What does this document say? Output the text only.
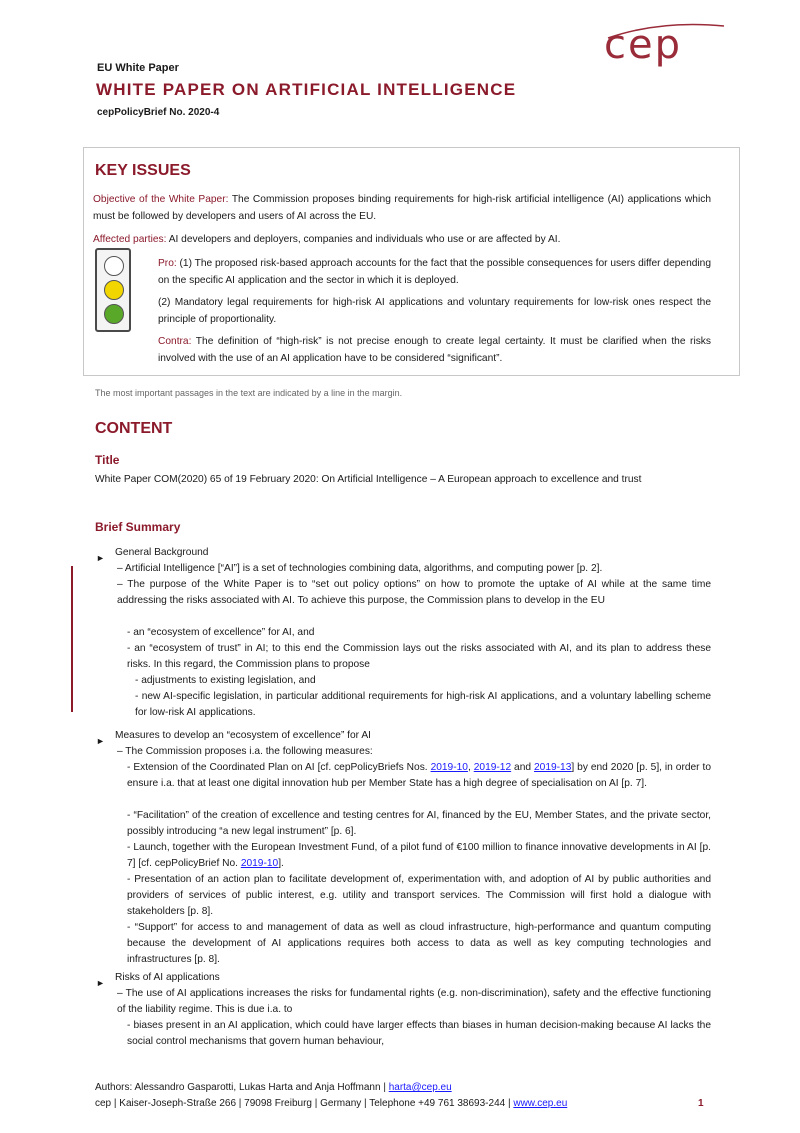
cep
EU White Paper
WHITE PAPER ON ARTIFICIAL INTELLIGENCE
cepPolicyBrief No. 2020-4
KEY ISSUES
Objective of the White Paper: The Commission proposes binding requirements for high-risk artificial intelligence (AI) applications which must be followed by developers and users of AI across the EU.
Affected parties: AI developers and deployers, companies and individuals who use or are affected by AI.
Pro: (1) The proposed risk-based approach accounts for the fact that the possible consequences for users differ depending on the specific AI application and the sector in which it is deployed.
(2) Mandatory legal requirements for high-risk AI applications and voluntary requirements for low-risk ones respect the principle of proportionality.
Contra: The definition of “high-risk” is not precise enough to create legal certainty. It must be clarified when the risks involved with the use of an AI application have to be considered “significant”.
The most important passages in the text are indicated by a line in the margin.
CONTENT
Title
White Paper COM(2020) 65 of 19 February 2020: On Artificial Intelligence – A European approach to excellence and trust
Brief Summary
► General Background
– Artificial Intelligence [“AI”] is a set of technologies combining data, algorithms, and computing power [p. 2].
– The purpose of the White Paper is to “set out policy options” on how to promote the uptake of AI while at the same time addressing the risks associated with AI. To achieve this purpose, the Commission plans to develop in the EU
- an “ecosystem of excellence” for AI, and
- an “ecosystem of trust” in AI; to this end the Commission lays out the risks associated with AI, and its plan to address these risks. In this regard, the Commission plans to propose
- adjustments to existing legislation, and
- new AI-specific legislation, in particular additional requirements for high-risk AI applications, and a voluntary labelling scheme for low-risk AI applications.
► Measures to develop an “ecosystem of excellence” for AI
– The Commission proposes i.a. the following measures:
- Extension of the Coordinated Plan on AI [cf. cepPolicyBriefs Nos. 2019-10, 2019-12 and 2019-13] by end 2020 [p. 5], in order to ensure i.a. that at least one digital innovation hub per Member State has a high degree of specialisation on AI [p. 7].
- “Facilitation” of the creation of excellence and testing centres for AI, financed by the EU, Member States, and the private sector, possibly introducing “a new legal instrument” [p. 6].
- Launch, together with the European Investment Fund, of a pilot fund of €100 million to finance innovative developments in AI [p. 7] [cf. cepPolicyBrief No. 2019-10].
- Presentation of an action plan to facilitate development of, experimentation with, and adoption of AI by public authorities and providers of services of public interest, e.g. utility and transport services. The Commission will first hold a dialogue with stakeholders [p. 8].
- “Support” for access to and management of data as well as cloud infrastructure, high-performance and quantum computing because the development of AI applications requires both access to data as well as key computing technologies and infrastructures [p. 8].
► Risks of AI applications
– The use of AI applications increases the risks for fundamental rights (e.g. non-discrimination), safety and the effective functioning of the liability regime. This is due i.a. to
- biases present in an AI application, which could have larger effects than biases in human decision-making because AI lacks the social control mechanisms that govern human behaviour,
Authors: Alessandro Gasparotti, Lukas Harta and Anja Hoffmann | harta@cep.eu
cep | Kaiser-Joseph-Straße 266 | 79098 Freiburg | Germany | Telephone +49 761 38693-244 | www.cep.eu	1
